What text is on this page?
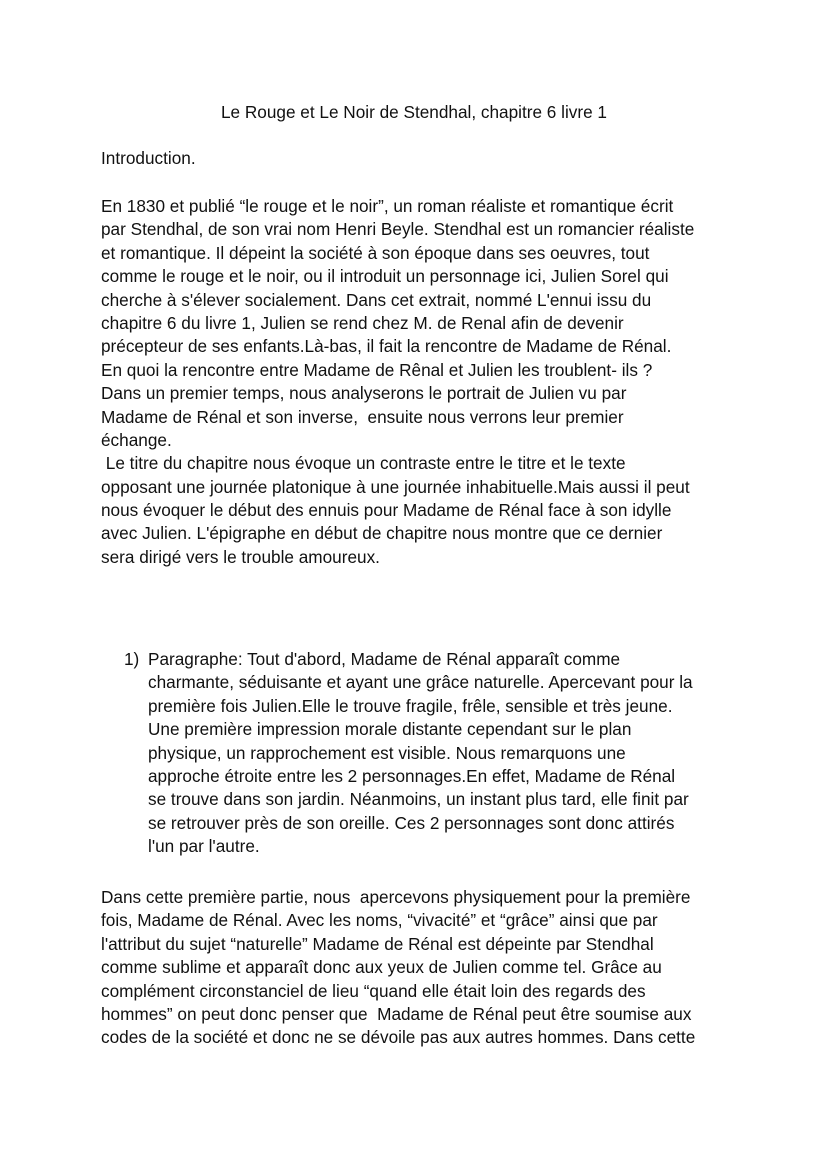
Le Rouge et Le Noir de Stendhal, chapitre 6 livre 1
Introduction.
En 1830 et publié “le rouge et le noir”, un roman réaliste et romantique écrit
par Stendhal, de son vrai nom Henri Beyle. Stendhal est un romancier réaliste
et romantique. Il dépeint la société à son époque dans ses oeuvres, tout
comme le rouge et le noir, ou il introduit un personnage ici, Julien Sorel qui
cherche à s'élever socialement. Dans cet extrait, nommé L'ennui issu du
chapitre 6 du livre 1, Julien se rend chez M. de Renal afin de devenir
précepteur de ses enfants.Là-bas, il fait la rencontre de Madame de Rénal.
En quoi la rencontre entre Madame de Rênal et Julien les troublent- ils ?
Dans un premier temps, nous analyserons le portrait de Julien vu par
Madame de Rénal et son inverse,  ensuite nous verrons leur premier
échange.
Le titre du chapitre nous évoque un contraste entre le titre et le texte
opposant une journée platonique à une journée inhabituelle.Mais aussi il peut
nous évoquer le début des ennuis pour Madame de Rénal face à son idylle
avec Julien. L'épigraphe en début de chapitre nous montre que ce dernier
sera dirigé vers le trouble amoureux.
1) Paragraphe: Tout d'abord, Madame de Rénal apparaît comme
charmante, séduisante et ayant une grâce naturelle. Apercevant pour la
première fois Julien.Elle le trouve fragile, frêle, sensible et très jeune.
Une première impression morale distante cependant sur le plan
physique, un rapprochement est visible. Nous remarquons une
approche étroite entre les 2 personnages.En effet, Madame de Rénal
se trouve dans son jardin. Néanmoins, un instant plus tard, elle finit par
se retrouver près de son oreille. Ces 2 personnages sont donc attirés
l'un par l'autre.
Dans cette première partie, nous  apercevons physiquement pour la première
fois, Madame de Rénal. Avec les noms, “vivacité” et “grâce” ainsi que par
l'attribut du sujet “naturelle” Madame de Rénal est dépeinte par Stendhal
comme sublime et apparaît donc aux yeux de Julien comme tel. Grâce au
complément circonstanciel de lieu “quand elle était loin des regards des
hommes” on peut donc penser que  Madame de Rénal peut être soumise aux
codes de la société et donc ne se dévoile pas aux autres hommes. Dans cette
